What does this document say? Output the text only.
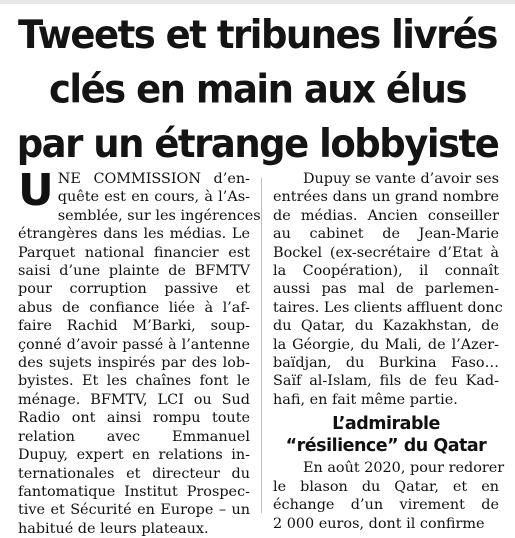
Tweets et tribunes livrés
clés en main aux élus
par un étrange lobbyiste
U NE COMMISSION d’en-
quête est en cours, à l’As-
semblée, sur les ingérences
étrangères dans les médias. Le
Parquet national financier est
saisi d’une plainte de BFMTV
pour corruption passive et
abus de confiance liée à l’af-
faire Rachid M’Barki, soup-
çonné d’avoir passé à l’antenne
des sujets inspirés par des lob-
byistes. Et les chaînes font le
ménage. BFMTV, LCI ou Sud
Radio ont ainsi rompu toute
relation avec Emmanuel
Dupuy, expert en relations in-
ternationales et directeur du
fantomatique Institut Prospec-
tive et Sécurité en Europe – un
habitué de leurs plateaux.
Dupuy se vante d’avoir ses
entrées dans un grand nombre
de médias. Ancien conseiller
au cabinet de Jean-Marie
Bockel (ex-secrétaire d’Etat à
la Coopération), il connaît
aussi pas mal de parlemen-
taires. Les clients affluent donc
du Qatar, du Kazakhstan, de
la Géorgie, du Mali, de l’Azer-
baïdjan, du Burkina Faso…
Saïf al-Islam, fils de feu Kad-
hafi, en fait même partie.
L’admirable
“résilience” du Qatar
En août 2020, pour redorer
le blason du Qatar, et en
échange d’un virement de
2 000 euros, dont il confirme
